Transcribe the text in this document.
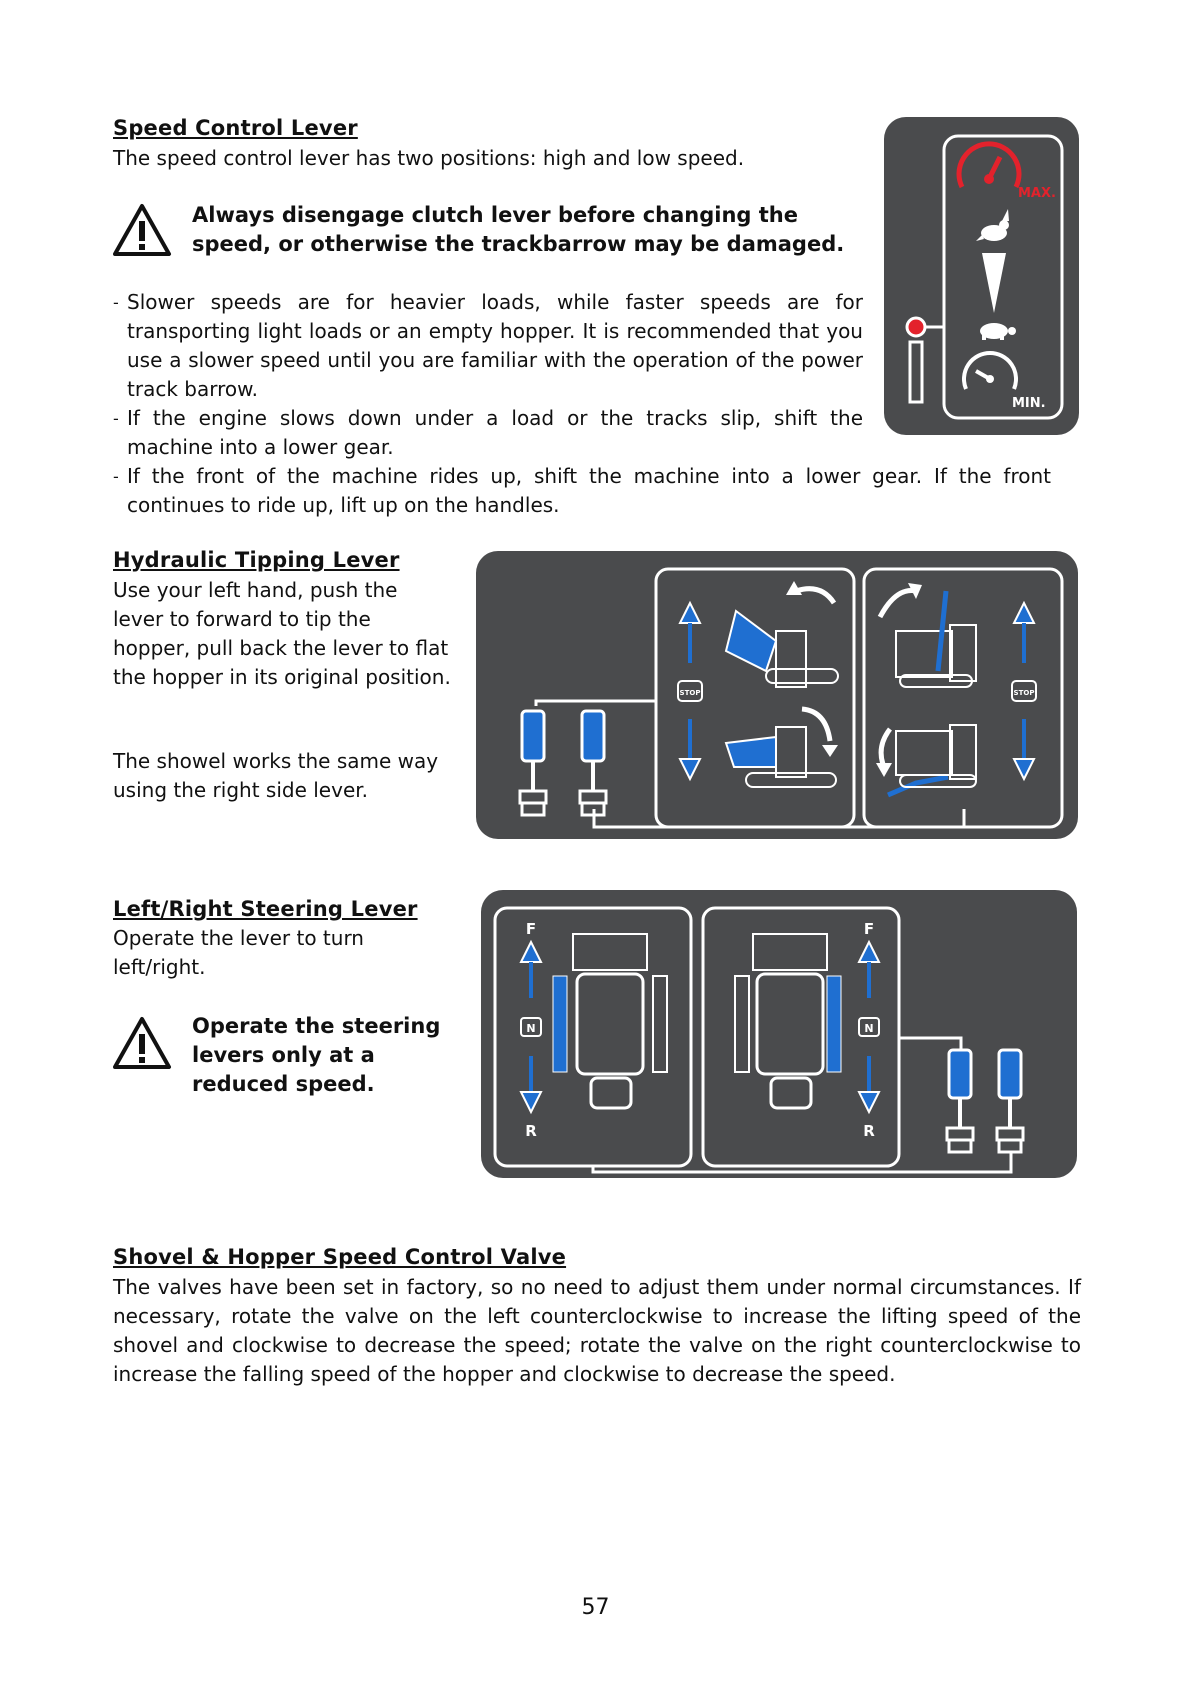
Speed Control Lever
The speed control lever has two positions: high and low speed.
Always disengage clutch lever before changing the
speed, or otherwise the trackbarrow may be damaged.
- Slower speeds are for heavier loads, while faster speeds are for transporting light loads or an empty hopper. It is recommended that you use a slower speed until you are familiar with the operation of the power track barrow.
- If the engine slows down under a load or the tracks slip, shift the machine into a lower gear.
- If the front of the machine rides up, shift the machine into a lower gear. If the front continues to ride up, lift up on the handles.
MAX.
MIN.
Hydraulic Tipping Lever
Use your left hand, push the lever to forward to tip the hopper, pull back the lever to flat the hopper in its original position.
The showel works the same way using the right side lever.
STOP	STOP
Left/Right Steering Lever
Operate the lever to turn left/right.
Operate the steering levers only at a reduced speed.
F
N
R
F
N
R
Shovel & Hopper Speed Control Valve
The valves have been set in factory, so no need to adjust them under normal circumstances. If necessary, rotate the valve on the left counterclockwise to increase the lifting speed of the shovel and clockwise to decrease the speed; rotate the valve on the right counterclockwise to increase the falling speed of the hopper and clockwise to decrease the speed.
57
